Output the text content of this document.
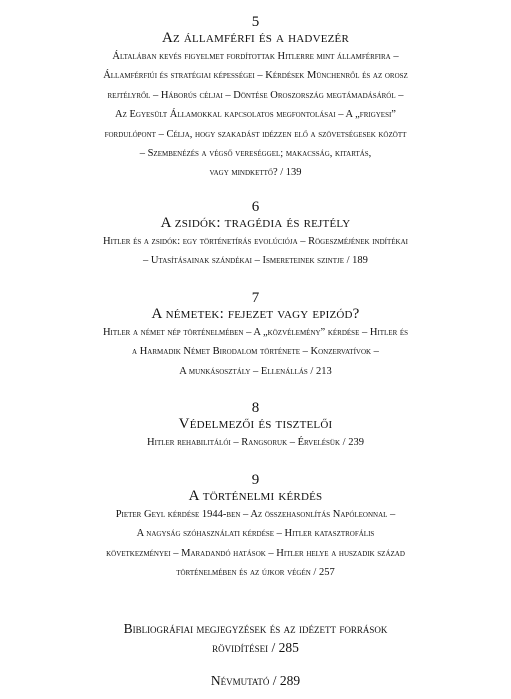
5
Az államférfi és a hadvezér
Általában kevés figyelmet fordítottak Hitlerre mint államférfira –
Államférfiúi és stratégiai képességei – Kérdések Münchenről és az orosz
rejtélyről – Háborús céljai – Döntése Oroszország megtámadásáról –
Az Egyesült Államokkal kapcsolatos megfontolásai – A „frigyesi”
fordulópont – Célja, hogy szakadást idézzen elő a szövetségesek között
– Szembenézés a végső vereséggel; makacsság, kitartás,
vagy mindkettő? / 139
6
A zsidók: tragédia és rejtély
Hitler és a zsidók: egy történetírás evolúciója – Rögeszméjének indítékai
– Utasításainak szándékai – Ismereteinek szintje / 189
7
A németek: fejezet vagy epizód?
Hitler a német nép történelmében – A „közvélemény” kérdése – Hitler és
a Harmadik Német Birodalom története – Konzervatívok –
A munkásosztály – Ellenállás / 213
8
Védelmezői és tisztelői
Hitler rehabilitálói – Rangsoruk – Érvelésük / 239
9
A történelmi kérdés
Pieter Geyl kérdése 1944-ben – Az összehasonlítás Napóleonnal –
A nagyság szóhasználati kérdése – Hitler katasztrofális
következményei – Maradandó hatások – Hitler helye a huszadik század
történelmében és az újkor végén / 257
Bibliográfiai megjegyzések és az idézett források
rövidítései / 285
Névmutató / 289
